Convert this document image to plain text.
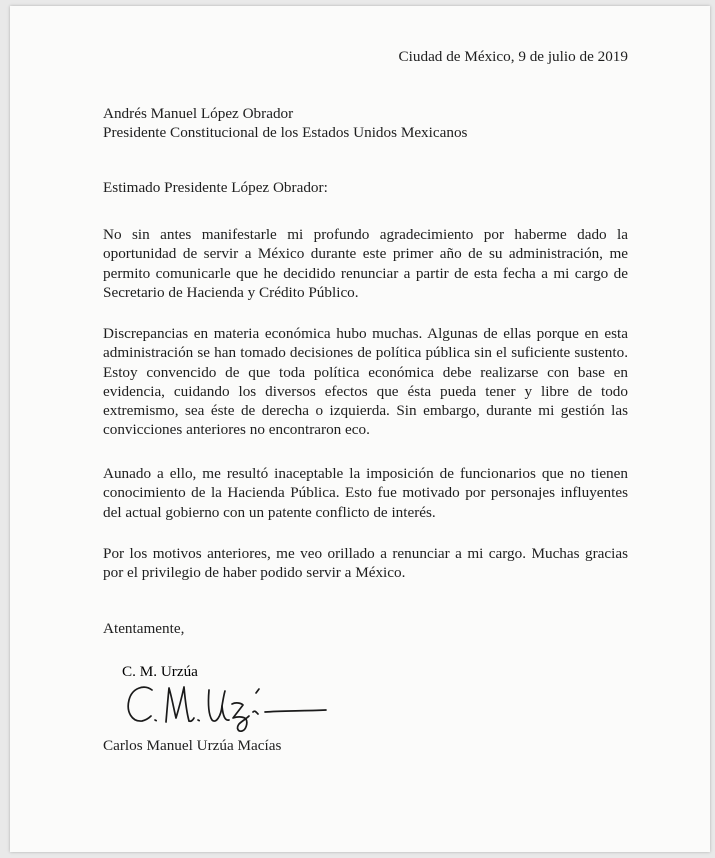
Ciudad de México, 9 de julio de 2019
Andrés Manuel López Obrador
Presidente Constitucional de los Estados Unidos Mexicanos
Estimado Presidente López Obrador:

No sin antes manifestarle mi profundo agradecimiento por haberme dado la oportunidad de servir a México durante este primer año de su administración, me permito comunicarle que he decidido renunciar a partir de esta fecha a mi cargo de Secretario de Hacienda y Crédito Público.

Discrepancias en materia económica hubo muchas. Algunas de ellas porque en esta administración se han tomado decisiones de política pública sin el suficiente sustento. Estoy convencido de que toda política económica debe realizarse con base en evidencia, cuidando los diversos efectos que ésta pueda tener y libre de todo extremismo, sea éste de derecha o izquierda. Sin embargo, durante mi gestión las convicciones anteriores no encontraron eco.

Aunado a ello, me resultó inaceptable la imposición de funcionarios que no tienen conocimiento de la Hacienda Pública. Esto fue motivado por personajes influyentes del actual gobierno con un patente conflicto de interés.

Por los motivos anteriores, me veo orillado a renunciar a mi cargo. Muchas gracias por el privilegio de haber podido servir a México.

Atentamente,
C. M. Urzúa
Carlos Manuel Urzúa Macías
